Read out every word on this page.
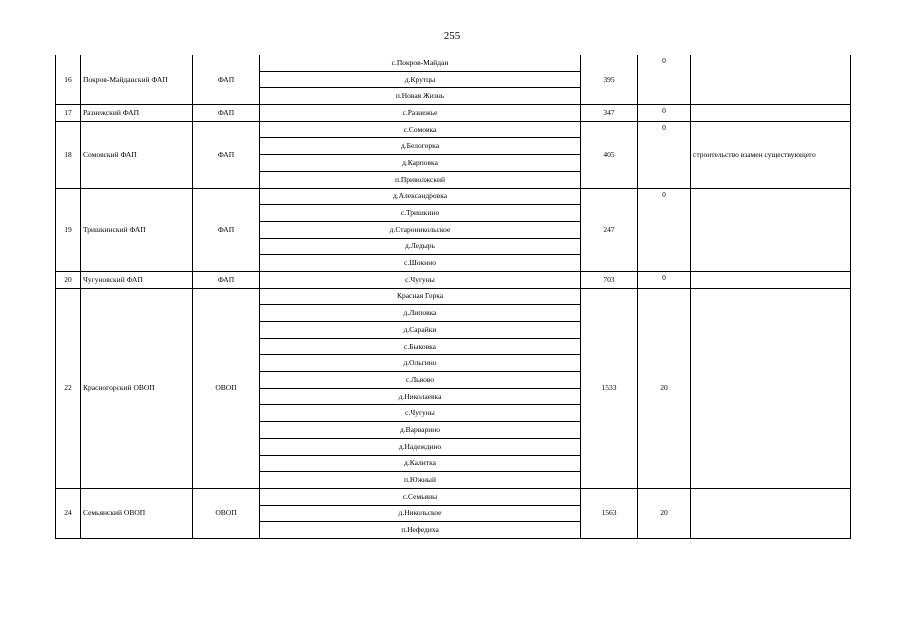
255
16	Покров-Майданский ФАП	ФАП	с.Покров-Майдан	395	0	
			д.Крутцы			
			п.Новая Жизнь			
17	Разнежский ФАП	ФАП	с.Разнежье	347	0	
18	Сомовский ФАП	ФАП	с.Сомовка	405	0	строительство взамен существующего
			д.Белогорка			
			д.Карповка			
			п.Приволжский			
19	Тришкинский ФАП	ФАП	д.Александровка	247	0	
			с.Тришкино			
			д.Староникольское			
			д.Ледырь			
			с.Шокино			
20	Чугуновский ФАП	ФАП	с.Чугуны	703	0	
22	Красногорский ОВОП	ОВОП	Красная Горка	1533	20	
			д.Липовка			
			д.Сарайки			
			с.Быковка			
			д.Ольгино			
			с.Львово			
			д.Николаевка			
			с.Чугуны			
			д.Варварино			
			д.Надеждино			
			д.Калитка			
			п.Южный			
24	Семьянский ОВОП	ОВОП	с.Семьяны	1563	20	
			д.Никольское			
			п.Нефедиха			
